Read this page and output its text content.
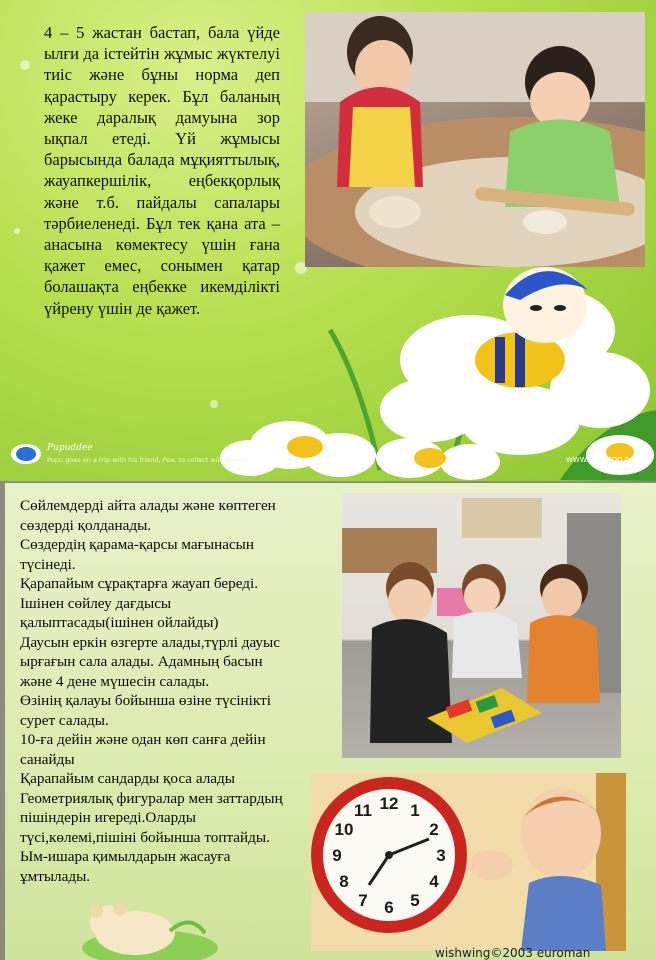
4 – 5 жастан бастап, бала үйде ылғи да істейтін жұмыс жүктелуі тиіс және бұны норма деп қарастыру керек. Бұл баланың жеке даралық дамуына зор ықпал етеді. Үй жұмысы барысында балада мұқияттылық, жауапкершілік, еңбекқорлық және т.б. пайдалы сапалары тәрбиеленеді. Бұл тек қана ата – анасына көмектесу үшін ғана қажет емес, сонымен қатар болашақта еңбекке икемділікті үйрену үшін де қажет.

Pupuddee
Pupu goes on a trip with his friend, Pea, to collect wild flowers.	WWW.IPALLCOO.COM
Сөйлемдерді айта алады және көптеген
сөздерді қолданады.
Сөздердің қарама-қарсы мағынасын
түсінеді.
Қарапайым сұрақтарға жауап береді.
Ішінен сөйлеу дағдысы
қалыптасады(ішінен ойлайды)
Даусын еркін өзгерте алады,түрлі дауыс
ырғағын сала алады. Адамның басын
және 4 дене мүшесін салады.
Өзінің қалауы бойынша өзіне түсінікті
сурет салады.
10-ға дейін және одан көп санға дейін
санайды
Қарапайым сандарды қоса алады
Геометриялық фигуралар мен заттардың
пішіндерін игереді.Оларды
түсі,көлемі,пішіні бойынша топтайды.
Ым-ишара қимылдарын жасауға
ұмтылады.
12 1
2
3
4
5
6
7
8
9
10
11
wishwing©2003 euroman
